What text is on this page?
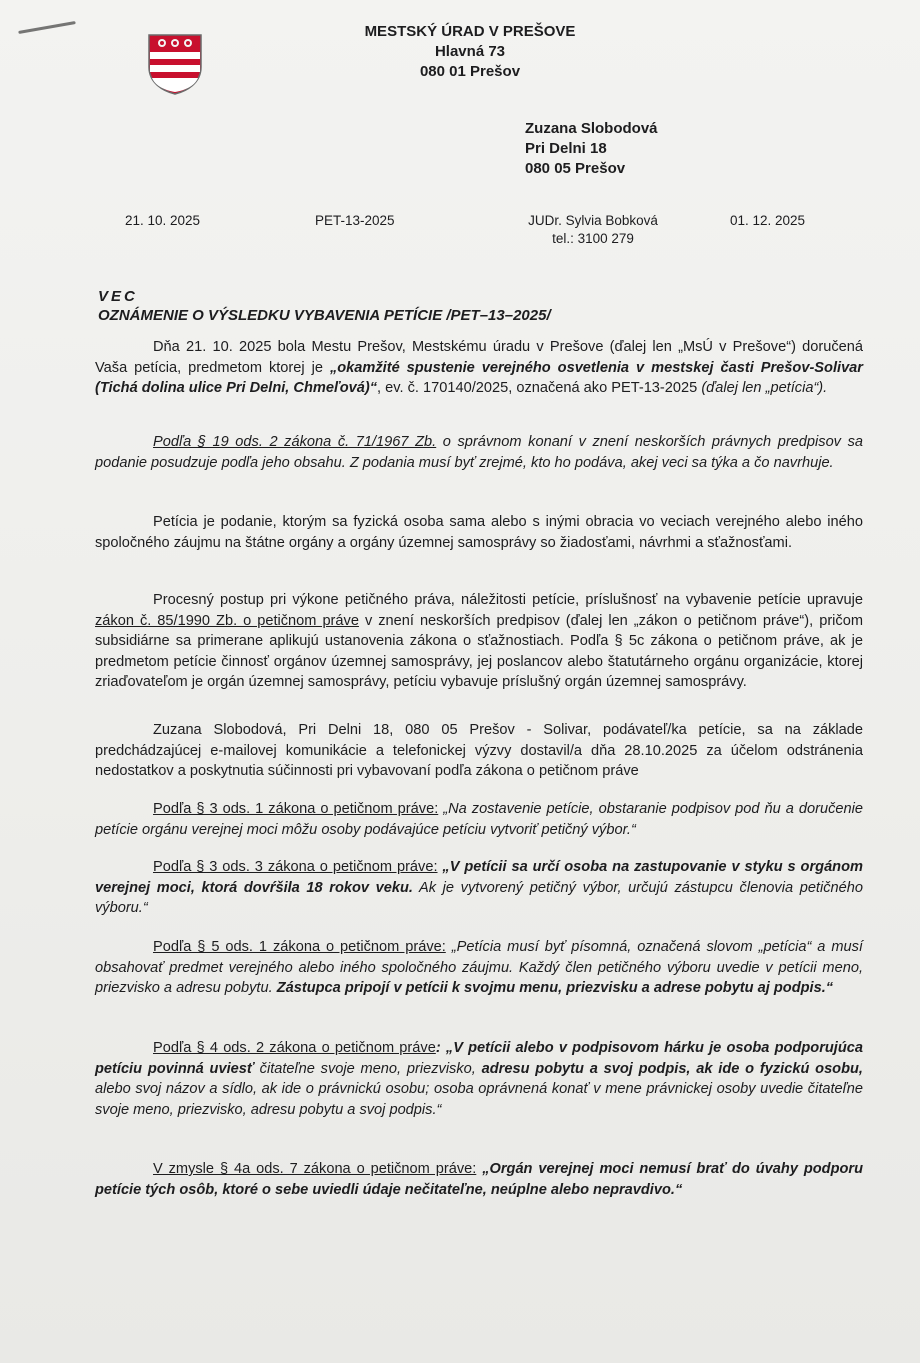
MESTSKÝ ÚRAD V PREŠOVE
Hlavná 73
080 01 Prešov
Zuzana Slobodová
Pri Delni 18
080 05 Prešov
21. 10. 2025	PET-13-2025	JUDr. Sylvia Bobková
tel.: 3100 279
01. 12. 2025
VEC
OZNÁMENIE O VÝSLEDKU VYBAVENIA PETÍCIE /PET–13–2025/

Dňa 21. 10. 2025 bola Mestu Prešov, Mestskému úradu v Prešove (ďalej len „MsÚ v Prešove“) doručená Vaša petícia, predmetom ktorej je „okamžité spustenie verejného osvetlenia v mestskej časti Prešov-Solivar (Tichá dolina ulice Pri Delni, Chmeľová)“, ev. č. 170140/2025, označená ako PET-13-2025 (ďalej len „petícia“).

Podľa § 19 ods. 2 zákona č. 71/1967 Zb. o správnom konaní v znení neskorších právnych predpisov sa podanie posudzuje podľa jeho obsahu. Z podania musí byť zrejmé, kto ho podáva, akej veci sa týka a čo navrhuje.

Petícia je podanie, ktorým sa fyzická osoba sama alebo s inými obracia vo veciach verejného alebo iného spoločného záujmu na štátne orgány a orgány územnej samosprávy so žiadosťami, návrhmi a sťažnosťami.

Procesný postup pri výkone petičného práva, náležitosti petície, príslušnosť na vybavenie petície upravuje zákon č. 85/1990 Zb. o petičnom práve v znení neskorších predpisov (ďalej len „zákon o petičnom práve“), pričom subsidiárne sa primerane aplikujú ustanovenia zákona o sťažnostiach. Podľa § 5c zákona o petičnom práve, ak je predmetom petície činnosť orgánov územnej samosprávy, jej poslancov alebo štatutárneho orgánu organizácie, ktorej zriaďovateľom je orgán územnej samosprávy, petíciu vybavuje príslušný orgán územnej samosprávy.

Zuzana Slobodová, Pri Delni 18, 080 05 Prešov - Solivar, podávateľ/ka petície, sa na základe predchádzajúcej e-mailovej komunikácie a telefonickej výzvy dostavil/a dňa 28.10.2025 za účelom odstránenia nedostatkov a poskytnutia súčinnosti pri vybavovaní podľa zákona o petičnom práve

Podľa § 3 ods. 1 zákona o petičnom práve: „Na zostavenie petície, obstaranie podpisov pod ňu a doručenie petície orgánu verejnej moci môžu osoby podávajúce petíciu vytvoriť petičný výbor.“

Podľa § 3 ods. 3 zákona o petičnom práve: „V petícii sa určí osoba na zastupovanie v styku s orgánom verejnej moci, ktorá dovŕšila 18 rokov veku. Ak je vytvorený petičný výbor, určujú zástupcu členovia petičného výboru.“

Podľa § 5 ods. 1 zákona o petičnom práve: „Petícia musí byť písomná, označená slovom „petícia“ a musí obsahovať predmet verejného alebo iného spoločného záujmu. Každý člen petičného výboru uvedie v petícii meno, priezvisko a adresu pobytu. Zástupca pripojí v petícii k svojmu menu, priezvisku a adrese pobytu aj podpis.“

Podľa § 4 ods. 2 zákona o petičnom práve: „V petícii alebo v podpisovom hárku je osoba podporujúca petíciu povinná uviesť čitateľne svoje meno, priezvisko, adresu pobytu a svoj podpis, ak ide o fyzickú osobu, alebo svoj názov a sídlo, ak ide o právnickú osobu; osoba oprávnená konať v mene právnickej osoby uvedie čitateľne svoje meno, priezvisko, adresu pobytu a svoj podpis.“

V zmysle § 4a ods. 7 zákona o petičnom práve: „Orgán verejnej moci nemusí brať do úvahy podporu petície tých osôb, ktoré o sebe uviedli údaje nečitateľne, neúplne alebo nepravdivo.“
